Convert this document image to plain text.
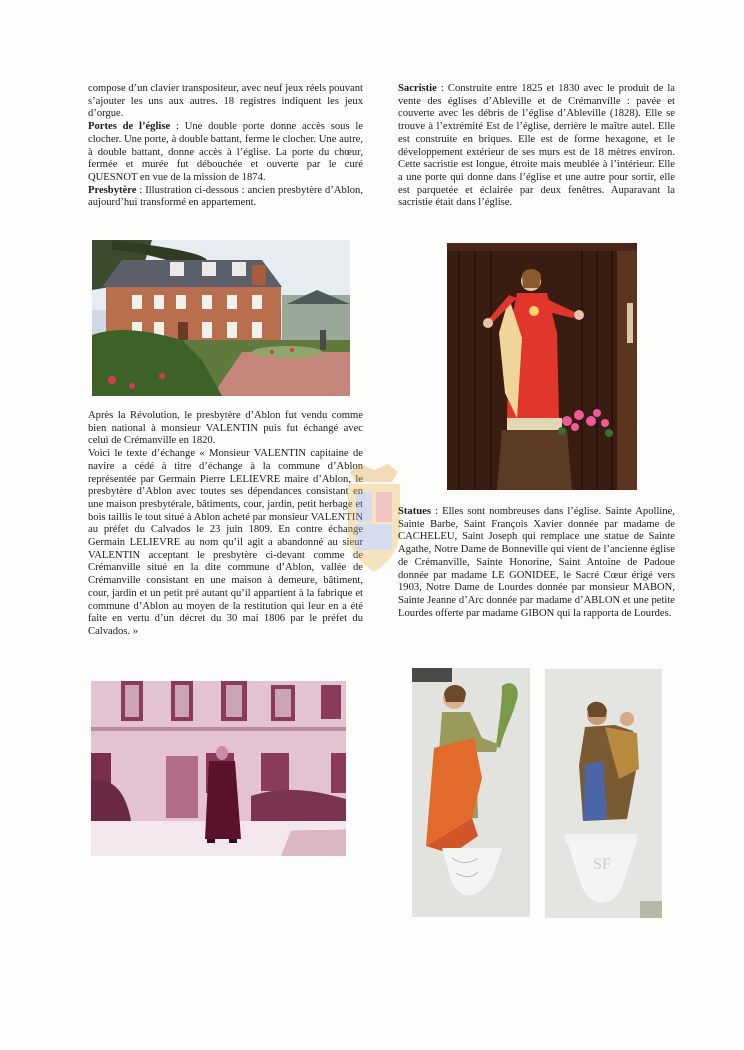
compose d’un clavier transpositeur, avec neuf jeux réels pouvant s’ajouter les uns aux autres. 18 registres indiquent les jeux d’orgue.

Portes de l’église : Une double porte donne accès sous le clocher. Une porte, à double battant, ferme le clocher. Une autre, à double battant, donne accès à l’église. La porte du chœur, fermée et murée fut débouchée et ouverte par le curé QUESNOT en vue de la mission de 1874.

Presbytère : Illustration ci-dessous : ancien presbytère d’Ablon, aujourd’hui transformé en appartement.

Sacristie : Construite entre 1825 et 1830 avec le produit de la vente des églises d’Ableville et de Crémanville : pavée et couverte avec les débris de l’église d’Ableville (1828). Elle se trouve à l’extrémité Est de l’église, derrière le maître autel. Elle est construite en briques. Elle est de forme hexagone, et le développement extérieur de ses murs est de 18 mètres environ. Cette sacristie est longue, étroite mais meublée à l’intérieur. Elle a une porte qui donne dans l’église et une autre pour sortir, elle est parquetée et éclairée par deux fenêtres. Auparavant la sacristie était dans l’église.

Après la Révolution, le presbytère d’Ablon fut vendu comme bien national à monsieur VALENTIN puis fut échangé avec celui de Crémanville en 1820.

Voici le texte d’échange « Monsieur VALENTIN capitaine de navire a cédé à titre d’échange à la commune d’Ablon représentée par Germain Pierre LELIEVRE maire d’Ablon, le presbytère d’Ablon avec toutes ses dépendances consistant en une maison presbytérale, bâtiments, cour, jardin, petit herbage et bois taillis le tout situé à Ablon acheté par monsieur VALENTIN au préfet du Calvados le 23 juin 1809. En contre échange Germain LELIEVRE au nom qu’il agit a abandonné au sieur VALENTIN acceptant le presbytère ci-devant comme de Crémanville situé en la dite commune d’Ablon, vallée de Crémanville consistant en une maison à demeure, bâtiment, cour, jardin et un petit pré autant qu’il appartient à la fabrique et commune d’Ablon au moyen de la restitution qui leur en a été faite en vertu d’un décret du 30 mai 1806 par le préfet du Calvados. »

Statues : Elles sont nombreuses dans l’église. Sainte Apolline, Sainte Barbe, Saint François Xavier donnée par madame de CACHELEU, Saint Joseph qui remplace une statue de Sainte Agathe, Notre Dame de Bonneville qui vient de l’ancienne église de Crémanville, Sainte Honorine, Saint Antoine de Padoue donnée par madame LE GONIDEE, le Sacré Cœur érigé vers 1903, Notre Dame de Lourdes donnée par monsieur MABON, Sainte Jeanne d’Arc donnée par madame d’ABLON et une petite Lourdes offerte par madame GIBON qui la rapporta de Lourdes.

SF
